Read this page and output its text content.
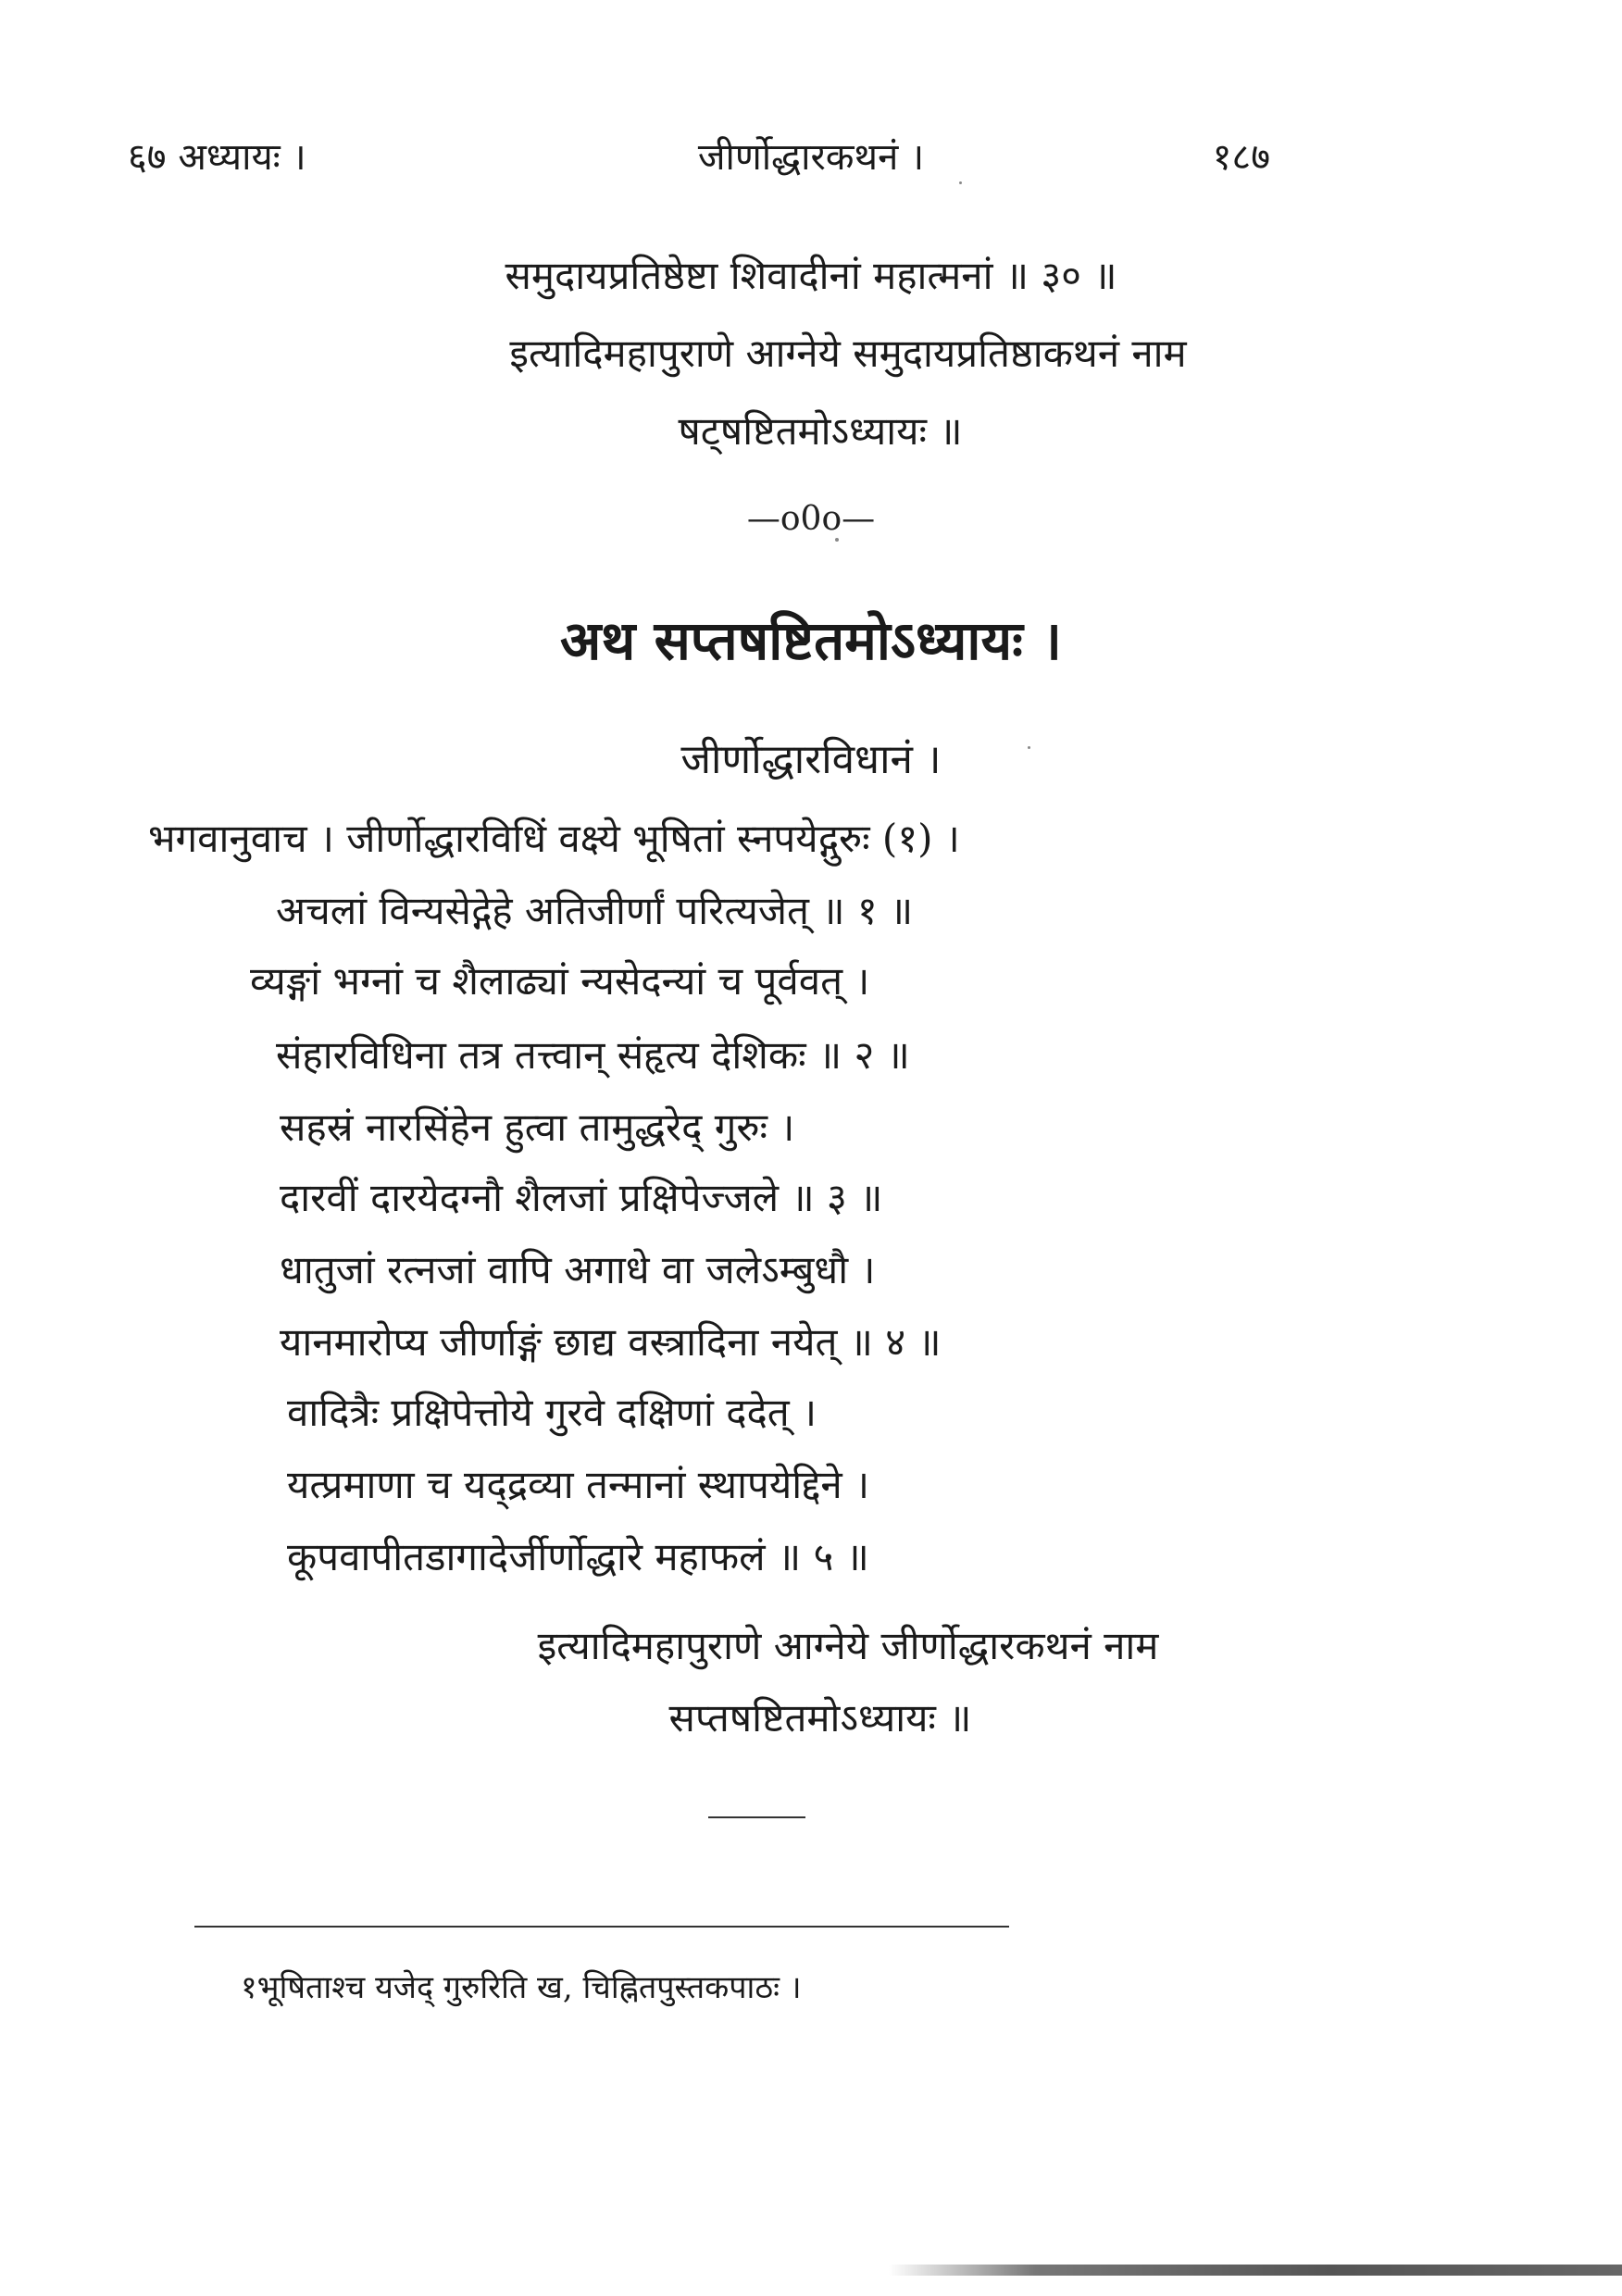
६७ अध्यायः ।	जीर्णोद्धारकथनं ।	१८७
समुदायप्रतिष्ठेष्टा शिवादीनां महात्मनां ॥ ३० ॥
इत्यादिमहापुराणे आग्नेये समुदायप्रतिष्ठाकथनं नाम
षट्षष्टितमोऽध्यायः ॥
—o0o—
अथ सप्तषष्टितमोऽध्यायः ।
जीर्णोद्धारविधानं ।
भगवानुवाच । जीर्णोद्धारविधिं वक्ष्ये भूषितां स्नपयेद्गुरुः (१) ।
अचलां विन्यसेद्गेहे अतिजीर्णां परित्यजेत् ॥ १ ॥
व्यङ्गां भग्नां च शैलाढ्यां न्यसेदन्यां च पूर्ववत् ।
संहारविधिना तत्र तत्त्वान् संहृत्य देशिकः ॥ २ ॥
सहस्रं नारसिंहेन हुत्वा तामुद्धरेद् गुरुः ।
दारवीं दारयेदग्नौ शैलजां प्रक्षिपेज्जले ॥ ३ ॥
धातुजां रत्नजां वापि अगाधे वा जलेऽम्बुधौ ।
यानमारोप्य जीर्णाङ्गं छाद्य वस्त्रादिना नयेत् ॥ ४ ॥
वादित्रैः प्रक्षिपेत्तोये गुरवे दक्षिणां ददेत् ।
यत्प्रमाणा च यद्द्रव्या तन्मानां स्थापयेद्दिने ।
कूपवापीतडागादेर्जीर्णोद्धारे महाफलं ॥ ५ ॥
इत्यादिमहापुराणे आग्नेये जीर्णोद्धारकथनं नाम
सप्तषष्टितमोऽध्यायः ॥
१भूषिताश्च यजेद् गुरुरिति ख, चिह्नितपुस्तकपाठः ।
